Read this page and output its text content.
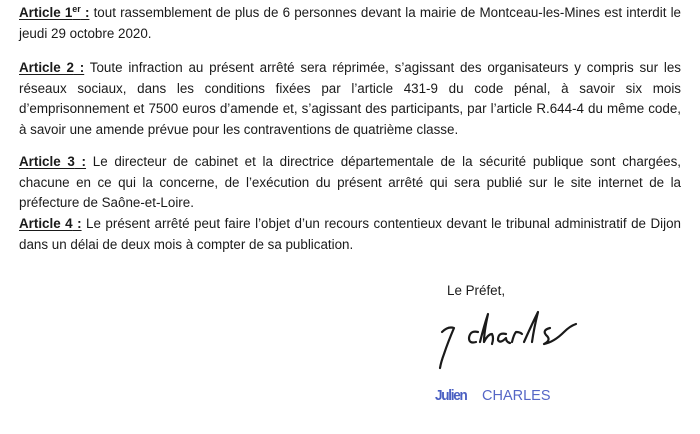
Article 1er : tout rassemblement de plus de 6 personnes devant la mairie de Montceau-les-Mines est interdit le jeudi 29 octobre 2020.

Article 2 : Toute infraction au présent arrêté sera réprimée, s’agissant des organisateurs y compris sur les réseaux sociaux, dans les conditions fixées par l’article 431-9 du code pénal, à savoir six mois d’emprisonnement et 7500 euros d’amende et, s’agissant des participants, par l’article R.644-4 du même code, à savoir une amende prévue pour les contraventions de quatrième classe.

Article 3 : Le directeur de cabinet et la directrice départementale de la sécurité publique sont chargées, chacune en ce qui la concerne, de l’exécution du présent arrêté qui sera publié sur le site internet de la préfecture de Saône-et-Loire.

Article 4 : Le présent arrêté peut faire l’objet d’un recours contentieux devant le tribunal administratif de Dijon dans un délai de deux mois à compter de sa publication.

Le Préfet,

Julien CHARLES
